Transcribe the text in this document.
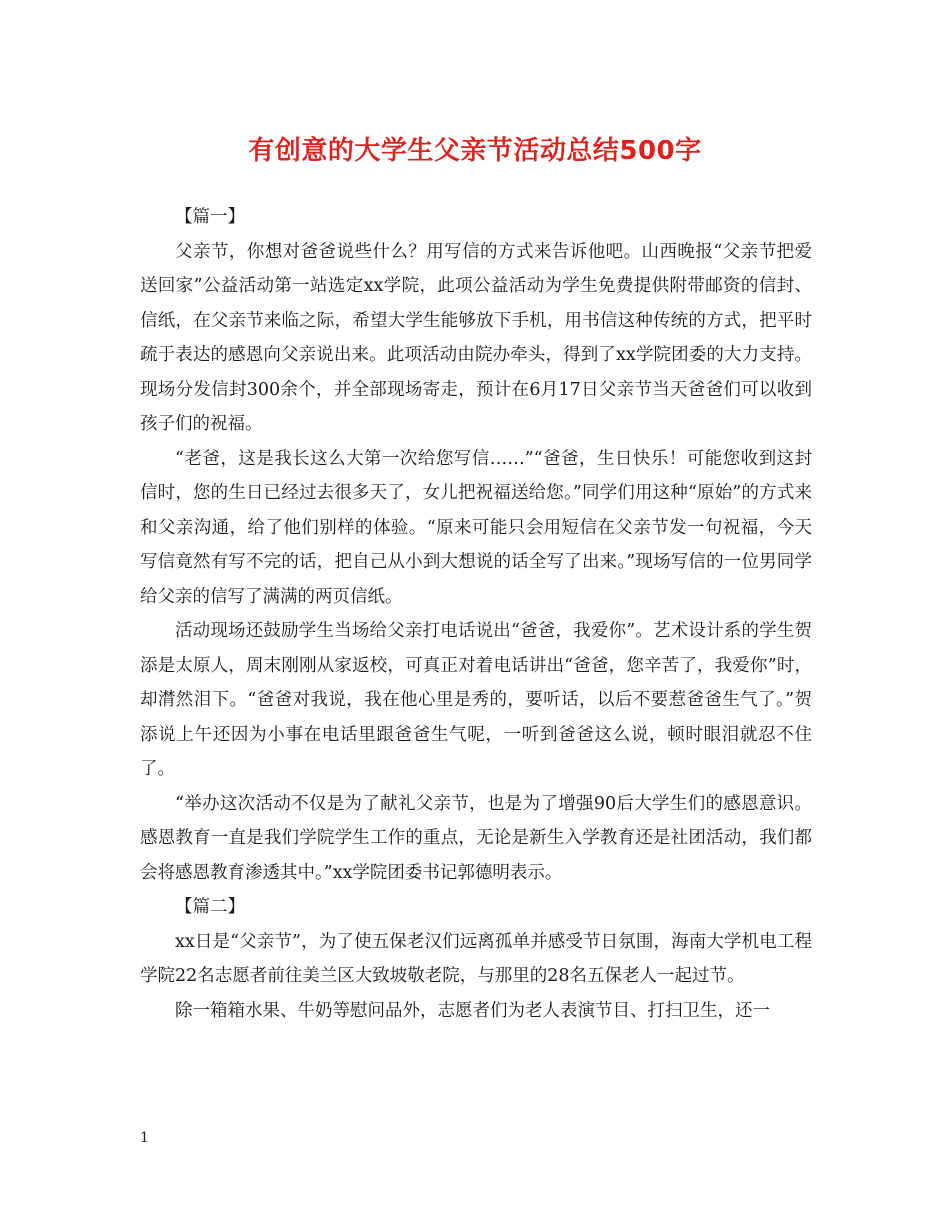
有创意的大学生父亲节活动总结500字
【篇一】

父亲节，你想对爸爸说些什么？用写信的方式来告诉他吧。山西晚报“父亲节把爱送回家”公益活动第一站选定xx学院，此项公益活动为学生免费提供附带邮资的信封、信纸，在父亲节来临之际，希望大学生能够放下手机，用书信这种传统的方式，把平时疏于表达的感恩向父亲说出来。此项活动由院办牵头，得到了xx学院团委的大力支持。现场分发信封300余个，并全部现场寄走，预计在6月17日父亲节当天爸爸们可以收到孩子们的祝福。

“老爸，这是我长这么大第一次给您写信……”“爸爸，生日快乐！可能您收到这封信时，您的生日已经过去很多天了，女儿把祝福送给您。”同学们用这种“原始”的方式来和父亲沟通，给了他们别样的体验。“原来可能只会用短信在父亲节发一句祝福，今天写信竟然有写不完的话，把自己从小到大想说的话全写了出来。”现场写信的一位男同学给父亲的信写了满满的两页信纸。

活动现场还鼓励学生当场给父亲打电话说出“爸爸，我爱你”。艺术设计系的学生贺添是太原人，周末刚刚从家返校，可真正对着电话讲出“爸爸，您辛苦了，我爱你”时，却潸然泪下。“爸爸对我说，我在他心里是秀的，要听话，以后不要惹爸爸生气了。”贺添说上午还因为小事在电话里跟爸爸生气呢，一听到爸爸这么说，顿时眼泪就忍不住了。

“举办这次活动不仅是为了献礼父亲节，也是为了增强90后大学生们的感恩意识。感恩教育一直是我们学院学生工作的重点，无论是新生入学教育还是社团活动，我们都会将感恩教育渗透其中。”xx学院团委书记郭德明表示。

【篇二】

xx日是“父亲节”，为了使五保老汉们远离孤单并感受节日氛围，海南大学机电工程学院22名志愿者前往美兰区大致坡敬老院，与那里的28名五保老人一起过节。

除一箱箱水果、牛奶等慰问品外，志愿者们为老人表演节目、打扫卫生，还一

1
